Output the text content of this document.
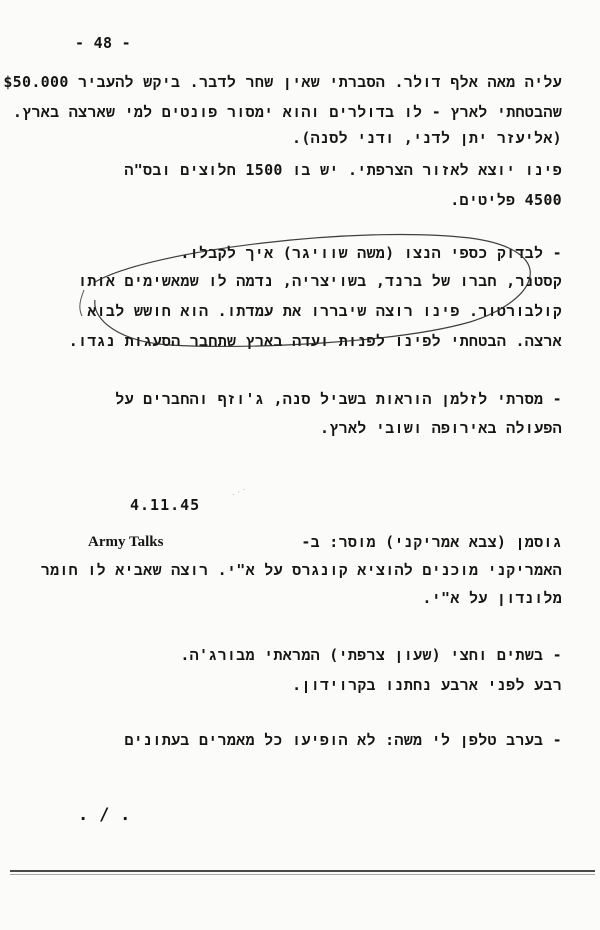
- 48 -
עליה מאה אלף דולר. הסברתי שאין שחר לדבר. ביקש להעביר $50.000
שהבטחתי לארץ - לו בדולרים והוא ימסור פונטים למי שארצה בארץ.
(אליעזר יתן לדני, ודני לסנה).
פינו יוצא לאזור הצרפתי. יש בו 1500 חלוצים ובס"ה
4500 פליטים.
- לבדוק כספי הנצו (משה שוויגר) איך לקבלו.
קסטנר, חברו של ברנד, בשויצריה, נדמה לו שמאשימים אותו
קולבורטור. פינו רוצה שיבררו את עמדתו. הוא חושש לבוא
ארצה. הבטחתי לפינו לפנות ועדה בארץ שתחבר הסעגות נגדו.
- מסרתי לזלמן הוראות בשביל סנה, ג'וזף והחברים על
הפעולה באירופה ושובי לארץ.
4.11.45
· · ·
Army Talks	גוסמן (צבא אמריקני) מוסר: ב-
האמריקני מוכנים להוציא קונגרס על א"י. רוצה שאביא לו חומר
מלונדון על א"י.
- בשתים וחצי (שעון צרפתי) המראתי מבורג'ה.
רבע לפני ארבע נחתנו בקרוידון.
- בערב טלפן לי משה: לא הופיעו כל מאמרים בעתונים
. / .
